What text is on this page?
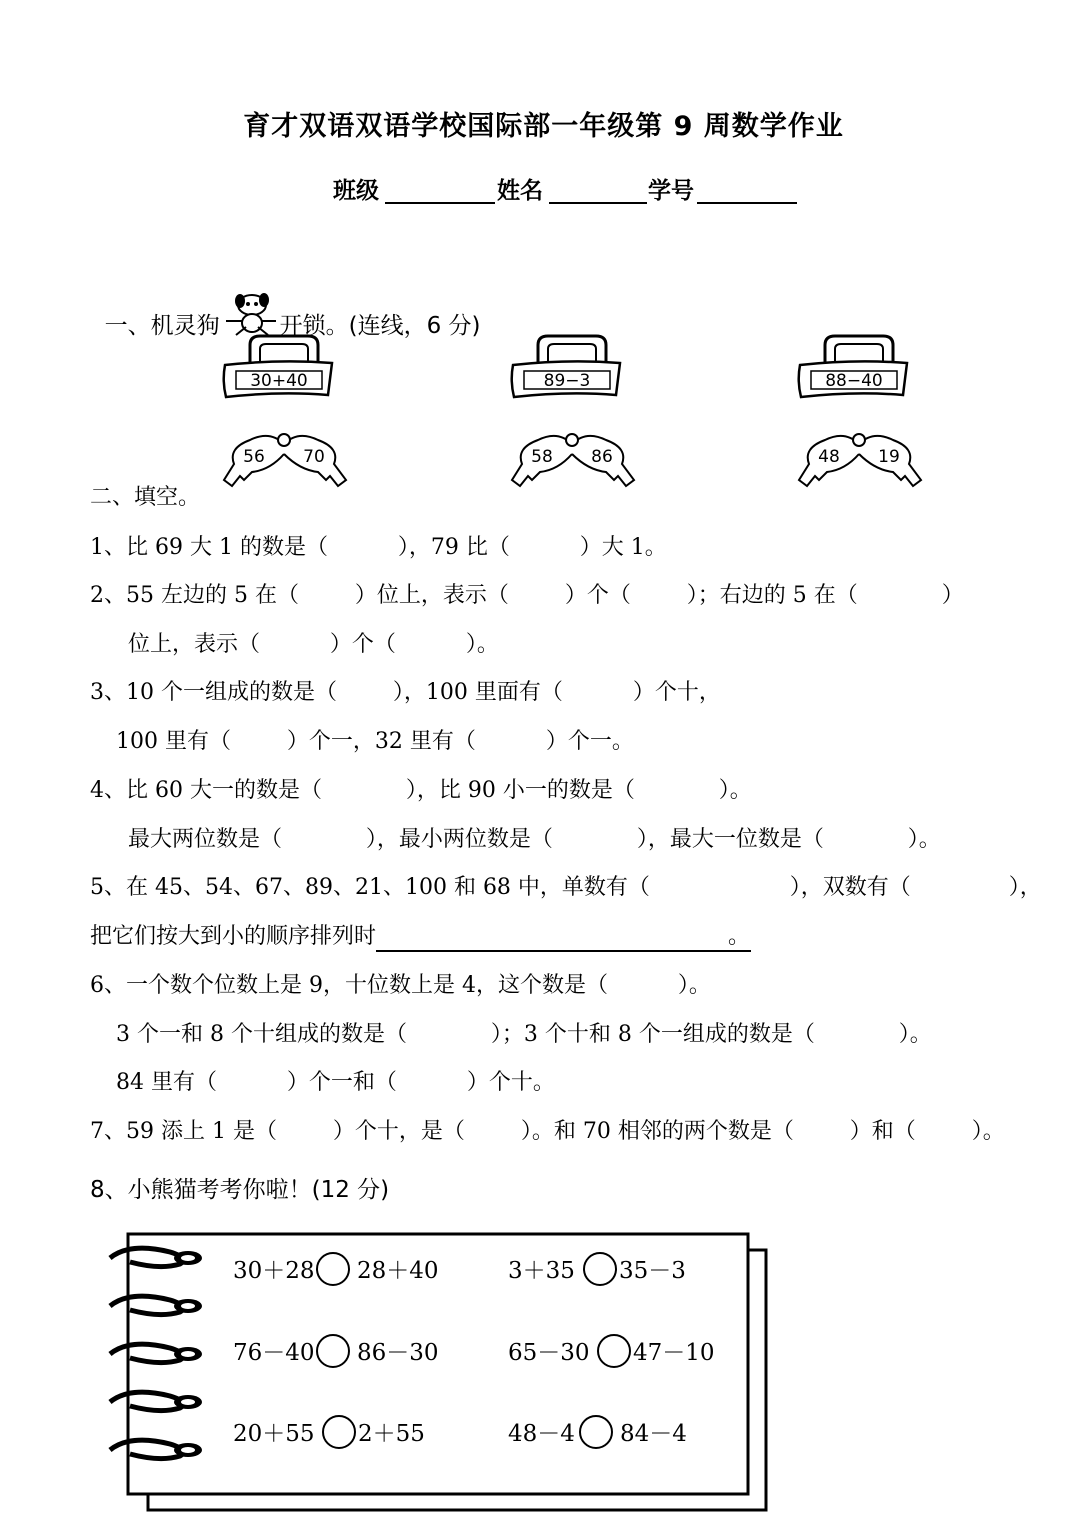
育才双语双语学校国际部一年级第 9 周数学作业
班级	姓名	学号

一、机灵狗	开锁。(连线，6 分)

30+40	89−3	88−40
56 70	58 86	48 19
二、填空。
1、比 69 大 1 的数是（          ），79 比（          ）大 1。
2、55 左边的 5 在（        ）位上，表示（        ）个（        ）；右边的 5 在（            ）
位上，表示（          ）个（          ）。
3、10 个一组成的数是（        ），100 里面有（          ）个十，
100 里有（        ）个一，32 里有（          ）个一。
4、比 60 大一的数是（            ），比 90 小一的数是（            ）。
最大两位数是（            ），最小两位数是（            ），最大一位数是（            ）。
5、在 45、54、67、89、21、100 和 68 中，单数有（                    ），双数有（              ），
把它们按大到小的顺序排列时	。
6、一个数个位数上是 9，十位数上是 4，这个数是（          ）。
3 个一和 8 个十组成的数是（            ）；3 个十和 8 个一组成的数是（            ）。
84 里有（          ）个一和（          ）个十。
7、59 添上 1 是（        ）个十，是（        ）。和 70 相邻的两个数是（        ）和（        ）。
8、小熊猫考考你啦！(12 分)
30＋28 28＋40	3＋35 35－3
76－40 86－30	65－30 47－10
20＋55 2＋55	48－4 84－4
